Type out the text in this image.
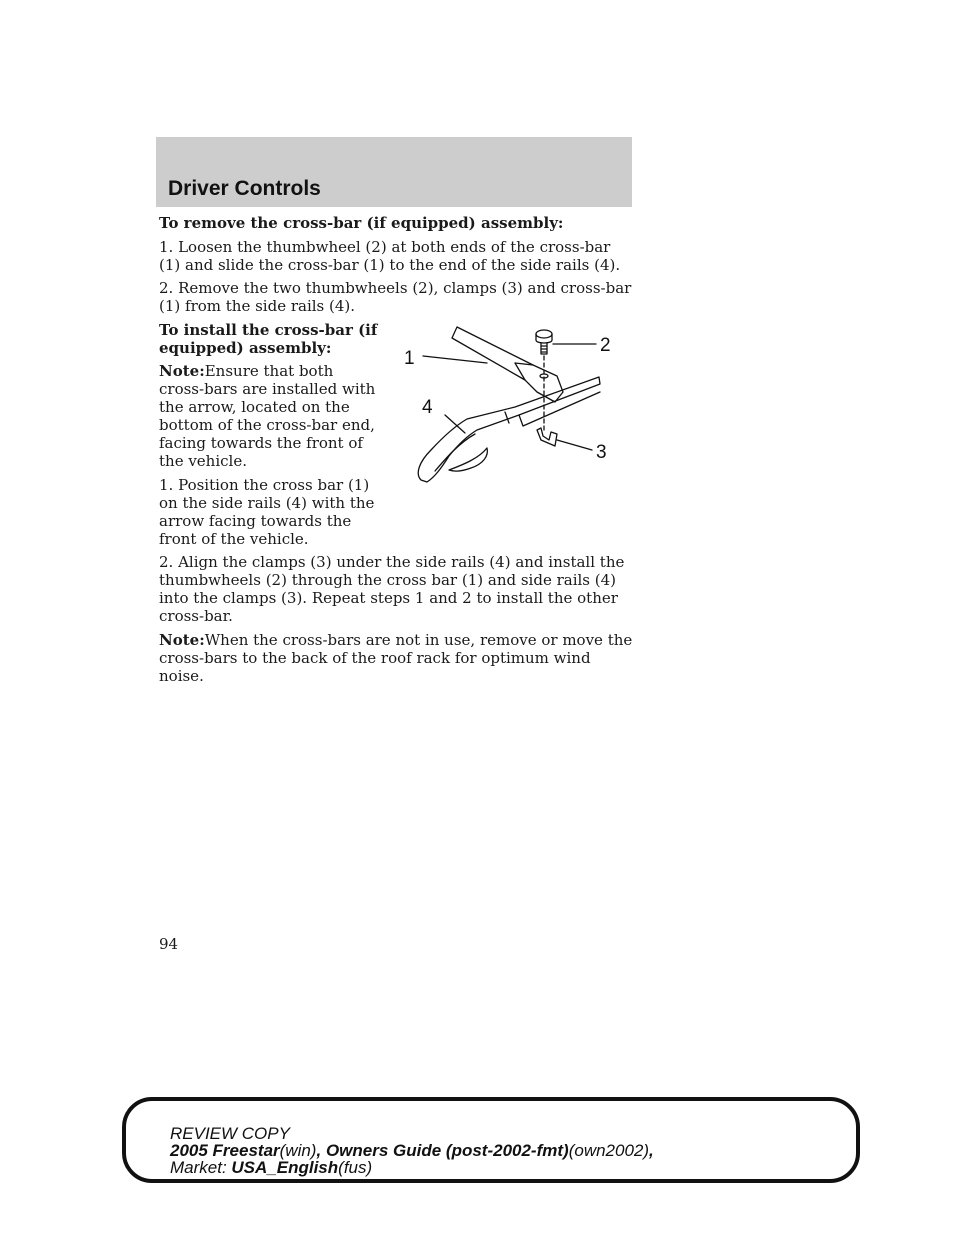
Driver Controls

To remove the cross-bar (if equipped) assembly:

1. Loosen the thumbwheel (2) at both ends of the cross-bar (1) and slide the cross-bar (1) to the end of the side rails (4).

2. Remove the two thumbwheels (2), clamps (3) and cross-bar (1) from the side rails (4).

To install the cross-bar (if equipped) assembly:

Note:Ensure that both cross-bars are installed with the arrow, located on the bottom of the cross-bar end, facing towards the front of the vehicle.

1. Position the cross bar (1) on the side rails (4) with the arrow facing towards the front of the vehicle.

2. Align the clamps (3) under the side rails (4) and install the thumbwheels (2) through the cross bar (1) and side rails (4) into the clamps (3). Repeat steps 1 and 2 to install the other cross-bar.

Note:When the cross-bars are not in use, remove or move the cross-bars to the back of the roof rack for optimum wind noise.

1
2
4
3
94
REVIEW COPY
2005 Freestar(win), Owners Guide (post-2002-fmt)(own2002),
Market: USA_English(fus)
